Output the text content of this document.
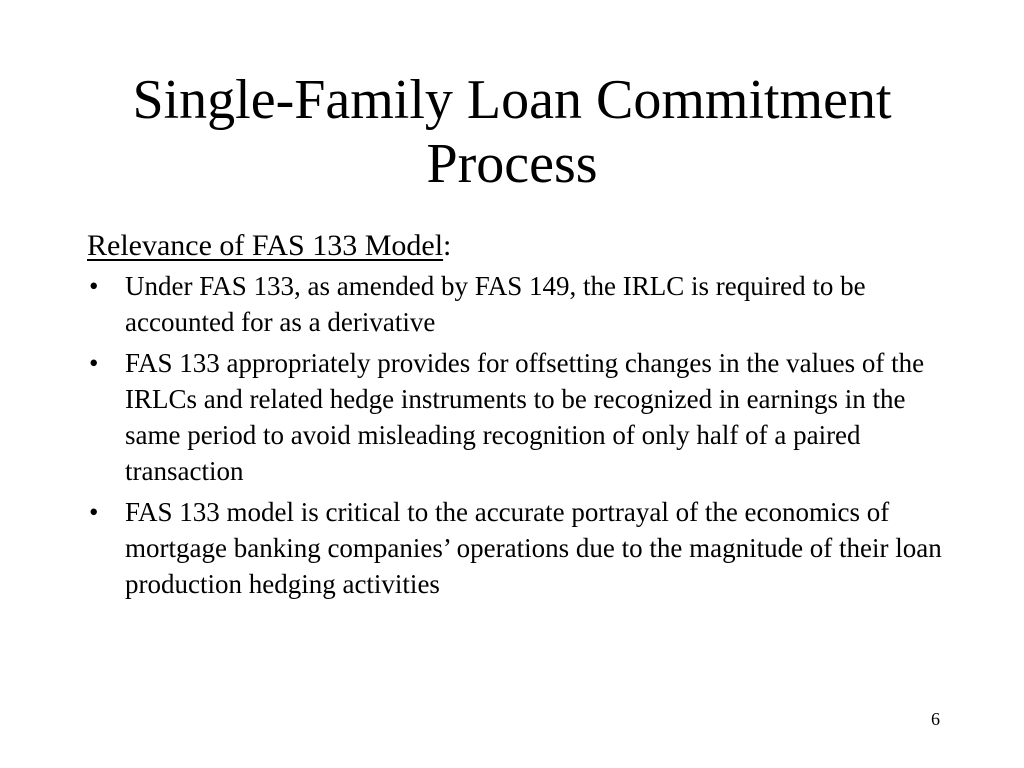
Single-Family Loan Commitment Process

Relevance of FAS 133 Model:

• Under FAS 133, as amended by FAS 149, the IRLC is required to be accounted for as a derivative
• FAS 133 appropriately provides for offsetting changes in the values of the IRLCs and related hedge instruments to be recognized in earnings in the same period to avoid misleading recognition of only half of a paired transaction
• FAS 133 model is critical to the accurate portrayal of the economics of mortgage banking companies’ operations due to the magnitude of their loan production hedging activities
6
